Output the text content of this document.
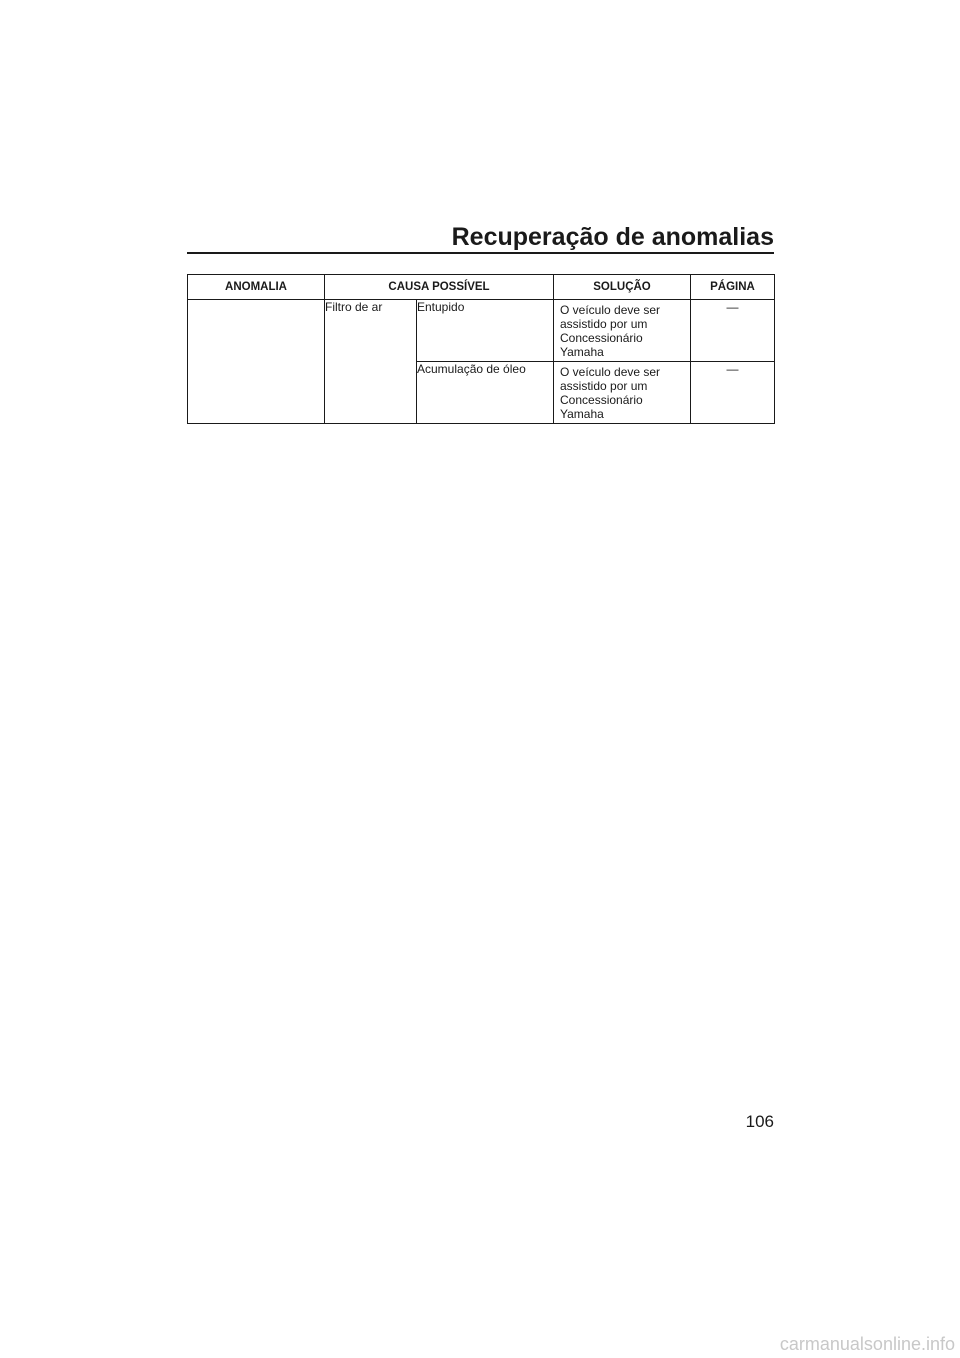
Recuperação de anomalias
ANOMALIA	CAUSA POSSÍVEL		SOLUÇÃO	PÁGINA
	Filtro de ar	Entupido	O veículo deve ser
assistido por um
Concessionário
Yamaha	—
		Acumulação de óleo	O veículo deve ser
assistido por um
Concessionário
Yamaha	—
106
carmanualsonline.info
